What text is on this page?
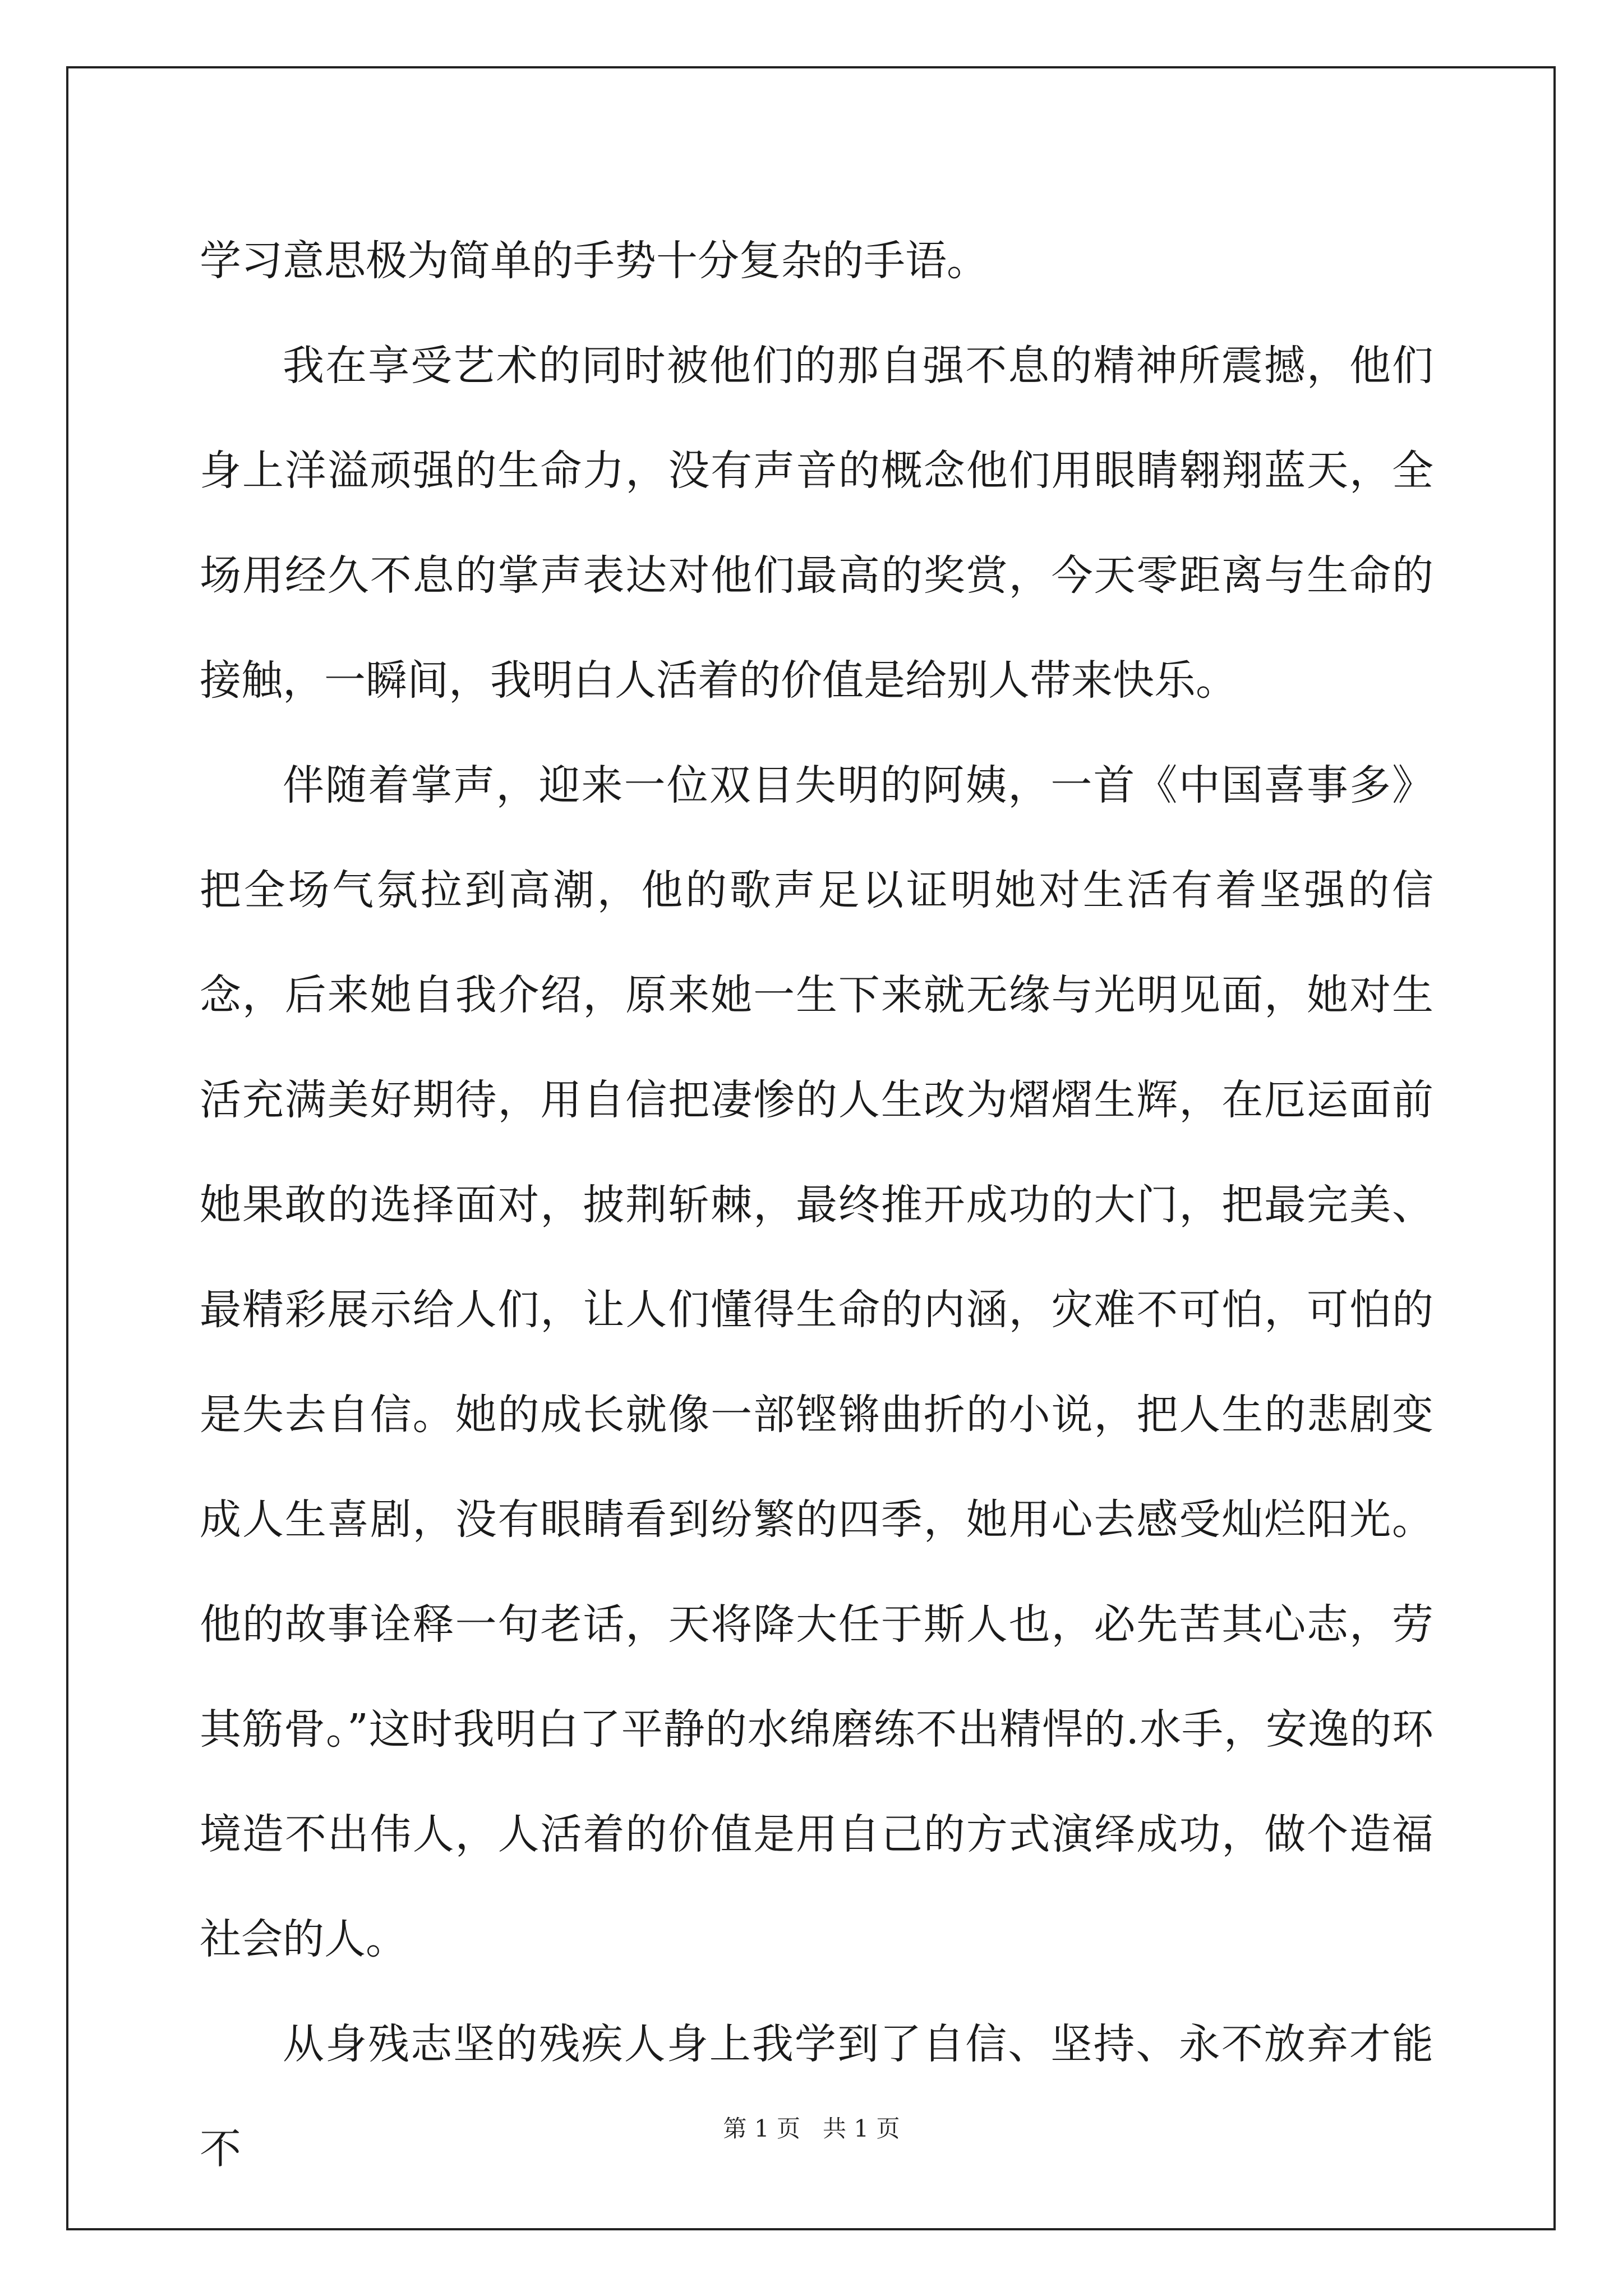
学习意思极为简单的手势十分复杂的手语。

我在享受艺术的同时被他们的那自强不息的精神所震撼，他们身上洋溢顽强的生命力，没有声音的概念他们用眼睛翱翔蓝天，全场用经久不息的掌声表达对他们最高的奖赏，今天零距离与生命的接触，一瞬间，我明白人活着的价值是给别人带来快乐。

伴随着掌声，迎来一位双目失明的阿姨，一首《中国喜事多》把全场气氛拉到高潮，他的歌声足以证明她对生活有着坚强的信念，后来她自我介绍，原来她一生下来就无缘与光明见面，她对生活充满美好期待，用自信把凄惨的人生改为熠熠生辉，在厄运面前她果敢的选择面对，披荆斩棘，最终推开成功的大门，把最完美、最精彩展示给人们，让人们懂得生命的内涵，灾难不可怕，可怕的是失去自信。她的成长就像一部铿锵曲折的小说，把人生的悲剧变成人生喜剧，没有眼睛看到纷繁的四季，她用心去感受灿烂阳光。他的故事诠释一句老话，天将降大任于斯人也，必先苦其心志，劳其筋骨。”这时我明白了平静的水绵磨练不出精悍的.水手，安逸的环境造不出伟人，人活着的价值是用自己的方式演绎成功，做个造福社会的人。

从身残志坚的残疾人身上我学到了自信、坚持、永不放弃才能不	第 1 页   共 1 页
